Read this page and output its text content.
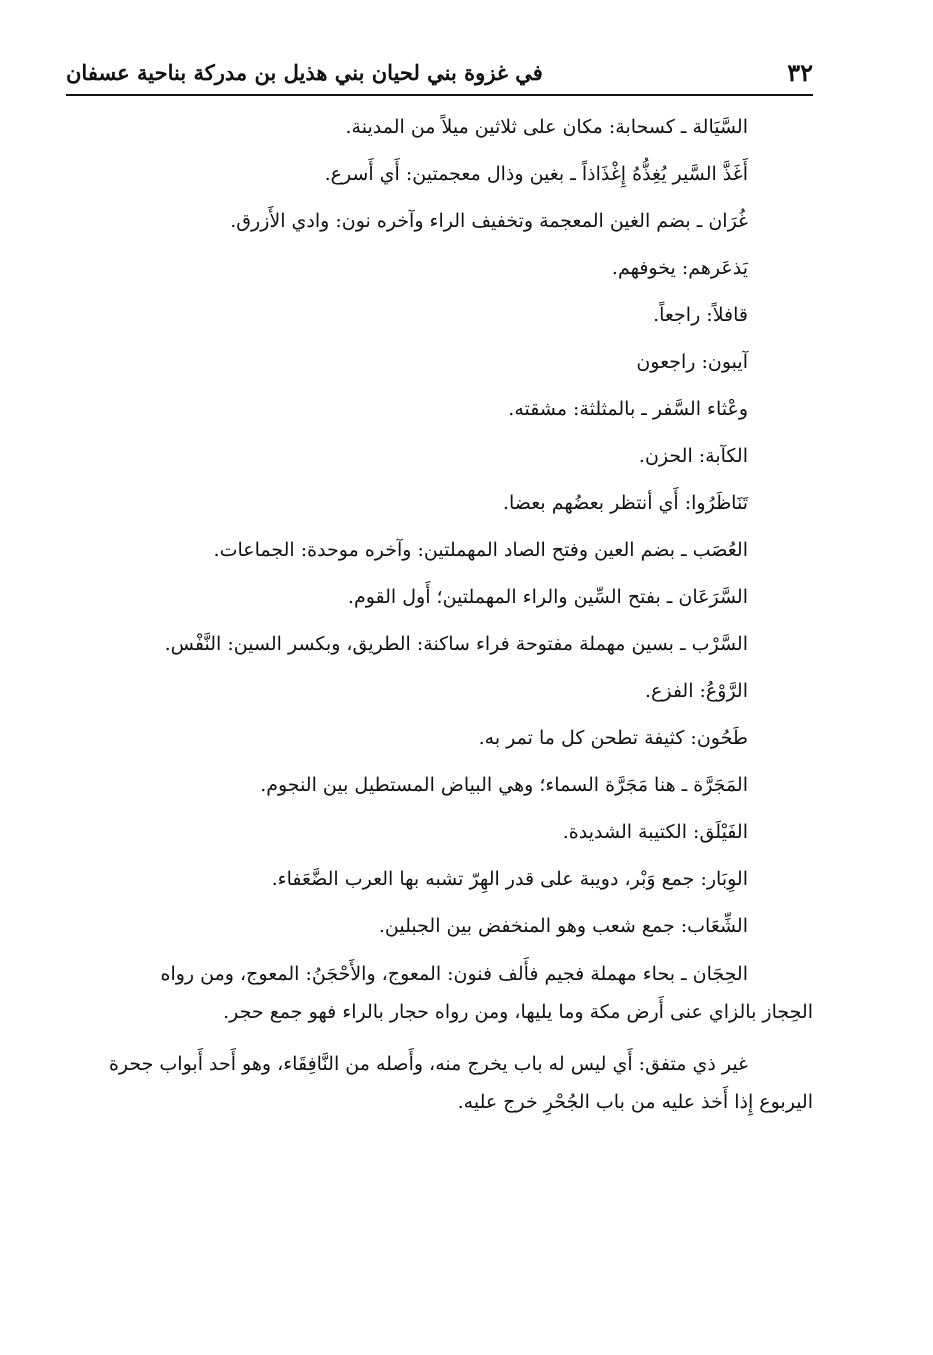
٣٢
في غزوة بني لحيان بني هذيل بن مدركة بناحية عسفان
السَّيَالة ـ كسحابة: مكان على ثلاثين ميلاً من المدينة.
أَغَذَّ السَّير يُغِذُّهُ إِغْذَاذاً ـ بغين وذال معجمتين: أَي أَسرع.
غُرَان ـ بضم الغين المعجمة وتخفيف الراء وآخره نون: وادي الأَزرق.
يَذعَرهم: يخوفهم.
قافلاً: راجعاً.
آيبون: راجعون
وعْثاء السَّفر ـ بالمثلثة: مشقته.
الكآبة: الحزن.
تَنَاظَرُوا: أَي أنتظر بعضُهم بعضا.
العُصَب ـ بضم العين وفتح الصاد المهملتين: وآخره موحدة: الجماعات.
السَّرَعَان ـ بفتح السِّين والراء المهملتين؛ أَول القوم.
السَّرْب ـ بسين مهملة مفتوحة فراء ساكنة: الطريق، وبكسر السين: النَّفْس.
الرَّوْعُ: الفزع.
طَحُون: كثيفة تطحن كل ما تمر به.
المَجَرَّة ـ هنا مَجَرَّة السماء؛ وهي البياض المستطيل بين النجوم.
الفَيْلَق: الكتيبة الشديدة.
الوِبَار: جمع وَبْر، دويبة على قدر الهِرّ تشبه بها العرب الضَّعَفاء.
الشِّعَاب: جمع شعب وهو المنخفض بين الجبلين.

الحِجَان ـ بحاء مهملة فجيم فأَلف فنون: المعوج، والأَحْجَنُ: المعوج، ومن رواه
الحِجاز بالزاي عنى أَرض مكة وما يليها، ومن رواه حجار بالراء فهو جمع حجر.

غير ذي متفق: أَي ليس له باب يخرج منه، وأَصله من النَّافِقَاء، وهو أَحد أَبواب جحرة
اليربوع إِذا أَخذ عليه من باب الجُحْرِ خرج عليه.
